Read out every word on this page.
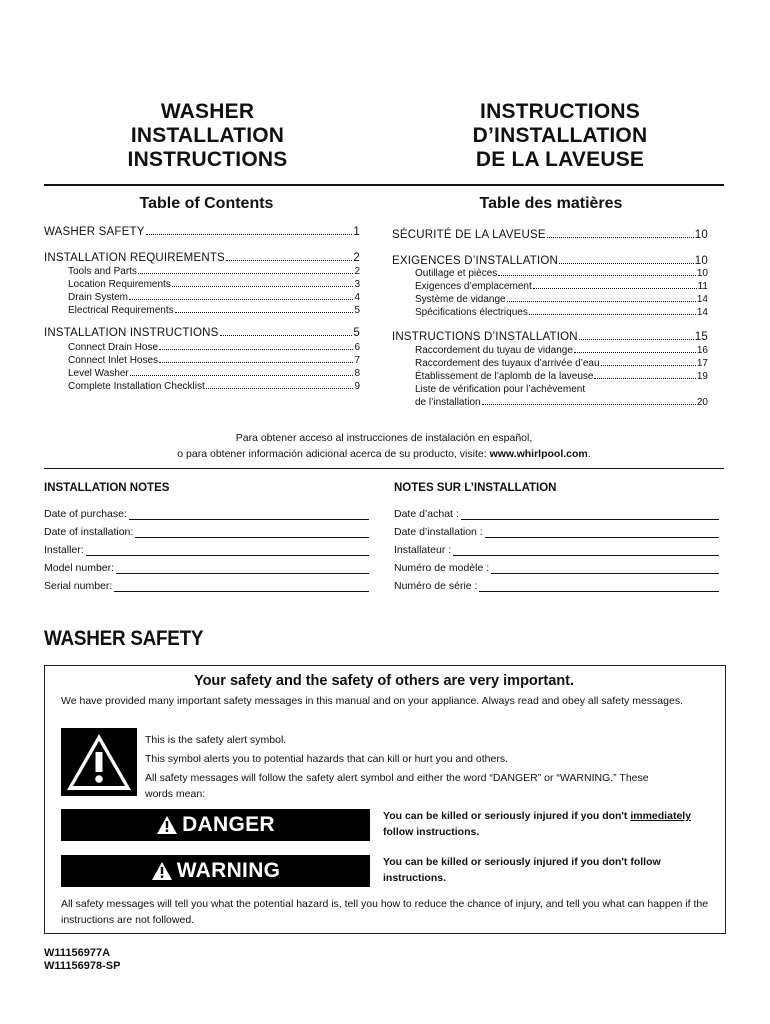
WASHER
INSTALLATION
INSTRUCTIONS
INSTRUCTIONS
D’INSTALLATION
DE LA LAVEUSE
Table of Contents	Table des matières
WASHER SAFETY	1
INSTALLATION REQUIREMENTS	2
Tools and Parts	2
Location Requirements	3
Drain System	4
Electrical Requirements	5
INSTALLATION INSTRUCTIONS	5
Connect Drain Hose	6
Connect Inlet Hoses	7
Level Washer	8
Complete Installation Checklist	9
SÉCURITÉ DE LA LAVEUSE	10
EXIGENCES D’INSTALLATION	10
Outillage et pièces	10
Exigences d’emplacement	11
Système de vidange	14
Spécifications électriques	14
INSTRUCTIONS D’INSTALLATION	15
Raccordement du tuyau de vidange	16
Raccordement des tuyaux d’arrivée d’eau	17
Établissement de l’aplomb de la laveuse	19
Liste de vérification pour l’achèvement
de l’installation	20
Para obtener acceso al instrucciones de instalación en español,
o para obtener información adicional acerca de su producto, visite: www.whirlpool.com.
INSTALLATION NOTES
Date of purchase:
Date of installation:
Installer:
Model number:
Serial number:
NOTES SUR L’INSTALLATION
Date d’achat :
Date d’installation :
Installateur :
Numéro de modèle :
Numéro de série :
WASHER SAFETY
Your safety and the safety of others are very important.
We have provided many important safety messages in this manual and on your appliance. Always read and obey all safety messages.
This is the safety alert symbol.
This symbol alerts you to potential hazards that can kill or hurt you and others.
All safety messages will follow the safety alert symbol and either the word “DANGER” or “WARNING.” These words mean:
DANGER	You can be killed or seriously injured if you don't immediately follow instructions.
WARNING	You can be killed or seriously injured if you don't follow instructions.
All safety messages will tell you what the potential hazard is, tell you how to reduce the chance of injury, and tell you what can happen if the instructions are not followed.
W11156977A
W11156978-SP
